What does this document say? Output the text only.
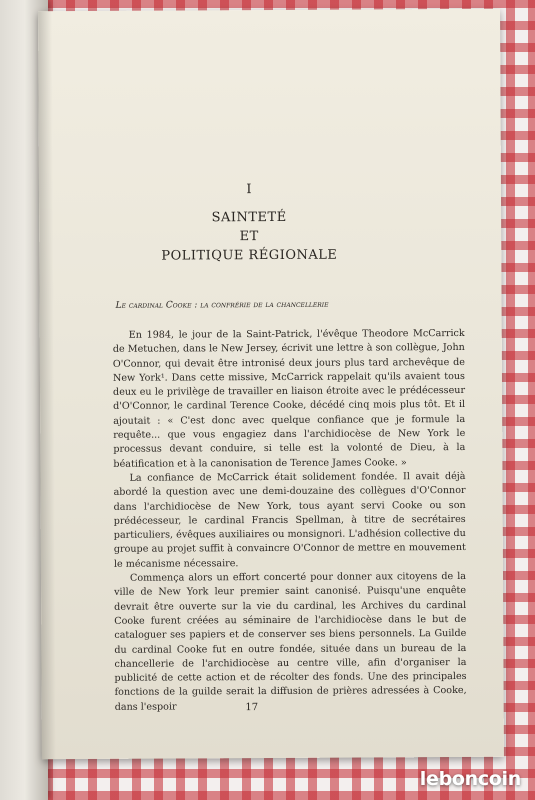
I
SAINTETÉ
ET
POLITIQUE RÉGIONALE
Le cardinal Cooke : la confrérie de la chancellerie

En 1984, le jour de la Saint-Patrick, l'évêque Theodore McCarrick de Metuchen, dans le New Jersey, écrivit une lettre à son collègue, John O'Connor, qui devait être intronisé deux jours plus tard archevêque de New York¹. Dans cette missive, McCarrick rappelait qu'ils avaient tous deux eu le privilège de travailler en liaison étroite avec le prédécesseur d'O'Connor, le cardinal Terence Cooke, décédé cinq mois plus tôt. Et il ajoutait : « C'est donc avec quelque confiance que je formule la requête... que vous engagiez dans l'archidiocèse de New York le processus devant conduire, si telle est la volonté de Dieu, à la béatification et à la canonisation de Terence James Cooke. »

La confiance de McCarrick était solidement fondée. Il avait déjà abordé la question avec une demi-douzaine des collègues d'O'Connor dans l'archidiocèse de New York, tous ayant servi Cooke ou son prédécesseur, le cardinal Francis Spellman, à titre de secrétaires particuliers, évêques auxiliaires ou monsignori. L'adhésion collective du groupe au projet suffit à convaincre O'Connor de mettre en mouvement le mécanisme nécessaire.

Commença alors un effort concerté pour donner aux citoyens de la ville de New York leur premier saint canonisé. Puisqu'une enquête devrait être ouverte sur la vie du cardinal, les Archives du cardinal Cooke furent créées au séminaire de l'archidiocèse dans le but de cataloguer ses papiers et de conserver ses biens personnels. La Guilde du cardinal Cooke fut en outre fondée, située dans un bureau de la chancellerie de l'archidiocèse au centre ville, afin d'organiser la publicité de cette action et de récolter des fonds. Une des principales fonctions de la guilde serait la diffusion de prières adressées à Cooke, dans l'espoir	17
leboncoin
